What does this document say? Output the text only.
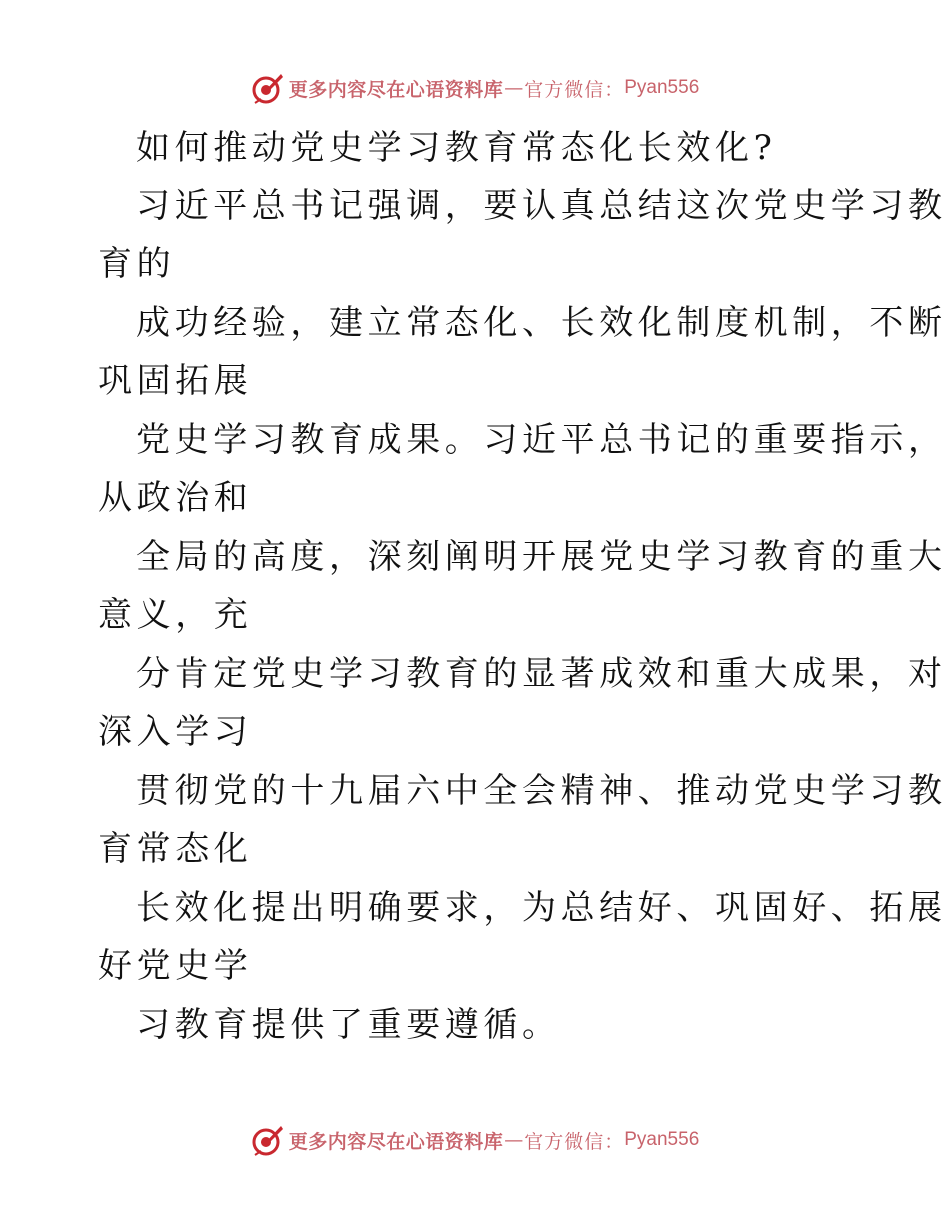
更多内容尽在心语资料库 — 官方微信： Pyan556
如何推动党史学习教育常态化长效化?
习近平总书记强调，要认真总结这次党史学习教
育的
成功经验，建立常态化、长效化制度机制，不断
巩固拓展
党史学习教育成果。习近平总书记的重要指示，
从政治和
全局的高度，深刻阐明开展党史学习教育的重大
意义，充
分肯定党史学习教育的显著成效和重大成果，对
深入学习
贯彻党的十九届六中全会精神、推动党史学习教
育常态化
长效化提出明确要求，为总结好、巩固好、拓展
好党史学
习教育提供了重要遵循。
更多内容尽在心语资料库 — 官方微信： Pyan556
